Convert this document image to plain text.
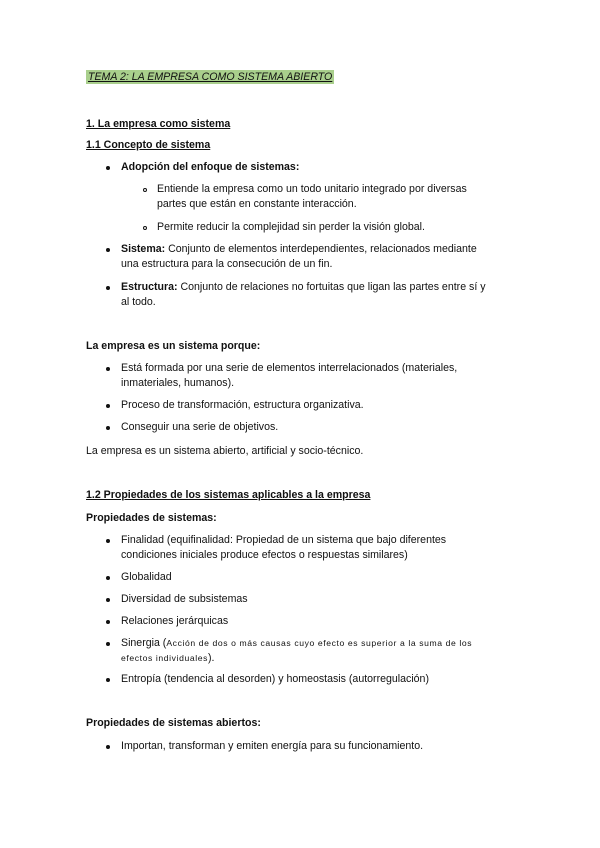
TEMA 2: LA EMPRESA COMO SISTEMA ABIERTO
1. La empresa como sistema
1.1 Concepto de sistema
Adopción del enfoque de sistemas:
Entiende la empresa como un todo unitario integrado por diversas
partes que están en constante interacción.
Permite reducir la complejidad sin perder la visión global.
Sistema: Conjunto de elementos interdependientes, relacionados mediante
una estructura para la consecución de un fin.
Estructura: Conjunto de relaciones no fortuitas que ligan las partes entre sí y
al todo.
La empresa es un sistema porque:
Está formada por una serie de elementos interrelacionados (materiales,
inmateriales, humanos).
Proceso de transformación, estructura organizativa.
Conseguir una serie de objetivos.
La empresa es un sistema abierto, artificial y socio-técnico.
1.2 Propiedades de los sistemas aplicables a la empresa
Propiedades de sistemas:
Finalidad (equifinalidad: Propiedad de un sistema que bajo diferentes
condiciones iniciales produce efectos o respuestas similares)
Globalidad
Diversidad de subsistemas
Relaciones jerárquicas
Sinergia (Acción de dos o más causas cuyo efecto es superior a la suma de los
efectos individuales).
Entropía (tendencia al desorden) y homeostasis (autorregulación)
Propiedades de sistemas abiertos:
Importan, transforman y emiten energía para su funcionamiento.
